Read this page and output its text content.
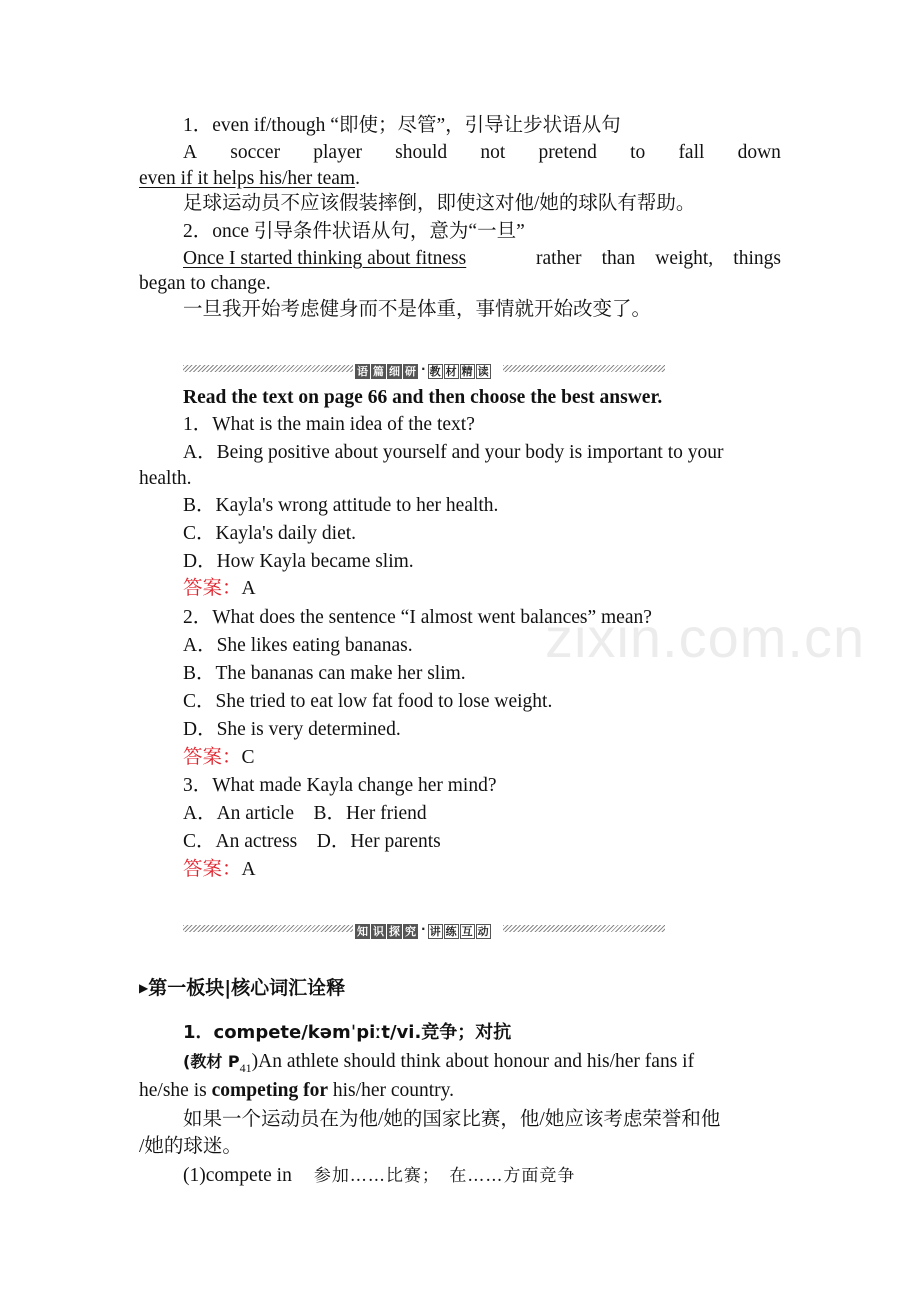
1．even if/though “即使；尽管”，引导让步状语从句
A soccer player should not pretend to fall down
even if it helps his/her team.
足球运动员不应该假装摔倒，即使这对他/她的球队有帮助。
2．once 引导条件状语从句，意为“一旦”
Once I started thinking about fitness	rather than weight, things
began to change.
一旦我开始考虑健身而不是体重，事情就开始改变了。
语 篇 细 研 · 教 材 精 读
Read the text on page 66 and then choose the best answer.
1．What is the main idea of the text?
A．Being positive about yourself and your body is important to your
health.
B．Kayla's wrong attitude to her health.
C．Kayla's daily diet.
D．How Kayla became slim.
答案：A
2．What does the sentence “I almost went balances” mean?
A．She likes eating bananas.
B．The bananas can make her slim.
C．She tried to eat low fat food to lose weight.
D．She is very determined.
答案：C
3．What made Kayla change her mind?
A．An article　B．Her friend
C．An actress　D．Her parents
答案：A
知 识 探 究 · 讲 练 互 动
▶第一板块|核心词汇诠释
1．compete/kəmˈpiːt/vi.竞争；对抗
(教材 $P_{41})An$ athlete should think about honour and his/her fans if
he/she is competing for his/her country.
如果一个运动员在为他/她的国家比赛，他/她应该考虑荣誉和他
/她的球迷。
(1)compete in 参加……比赛；　在……方面竞争
zixin.com.cn
